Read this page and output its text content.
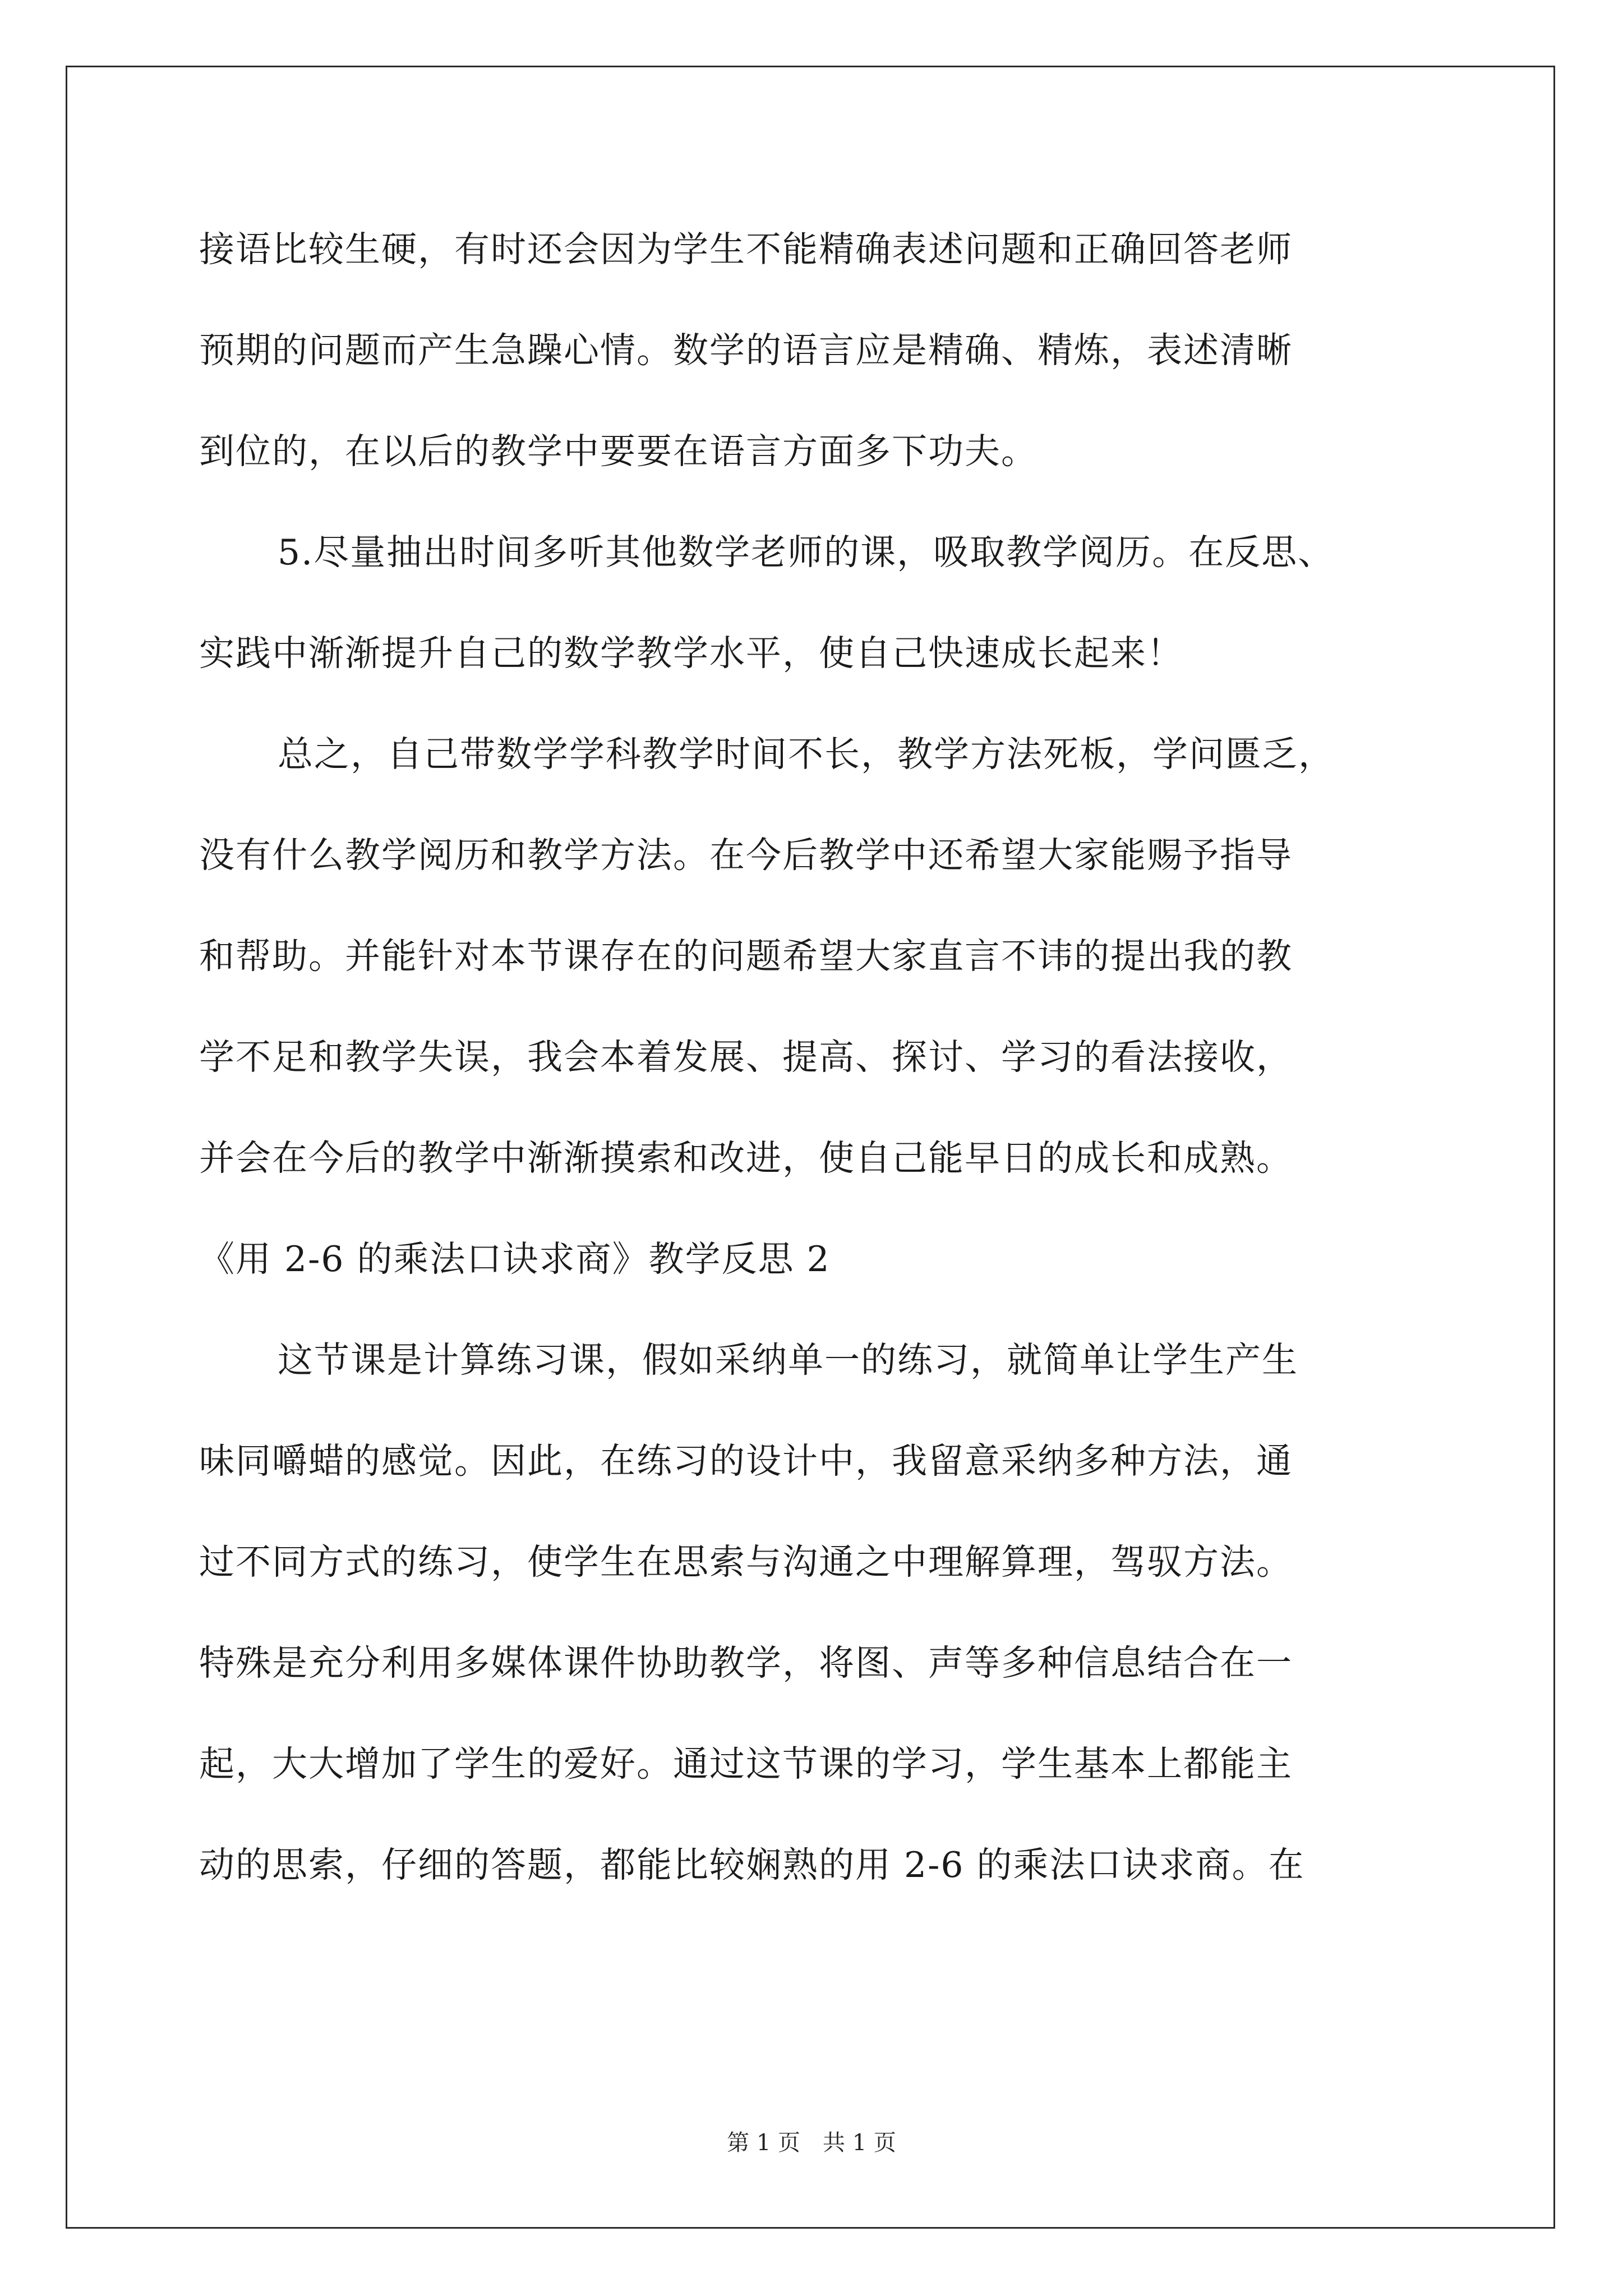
接语比较生硬，有时还会因为学生不能精确表述问题和正确回答老师
预期的问题而产生急躁心情。数学的语言应是精确、精炼，表述清晰
到位的，在以后的教学中要要在语言方面多下功夫。
5.尽量抽出时间多听其他数学老师的课，吸取教学阅历。在反思、
实践中渐渐提升自己的数学教学水平，使自己快速成长起来！
总之，自己带数学学科教学时间不长，教学方法死板，学问匮乏，
没有什么教学阅历和教学方法。在今后教学中还希望大家能赐予指导
和帮助。并能针对本节课存在的问题希望大家直言不讳的提出我的教
学不足和教学失误，我会本着发展、提高、探讨、学习的看法接收，
并会在今后的教学中渐渐摸索和改进，使自己能早日的成长和成熟。
《用 2-6 的乘法口诀求商》教学反思 2
这节课是计算练习课，假如采纳单一的练习，就简单让学生产生
味同嚼蜡的感觉。因此，在练习的设计中，我留意采纳多种方法，通
过不同方式的练习，使学生在思索与沟通之中理解算理，驾驭方法。
特殊是充分利用多媒体课件协助教学，将图、声等多种信息结合在一
起，大大增加了学生的爱好。通过这节课的学习，学生基本上都能主
动的思索，仔细的答题，都能比较娴熟的用 2-6 的乘法口诀求商。在
第 1 页　共 1 页
